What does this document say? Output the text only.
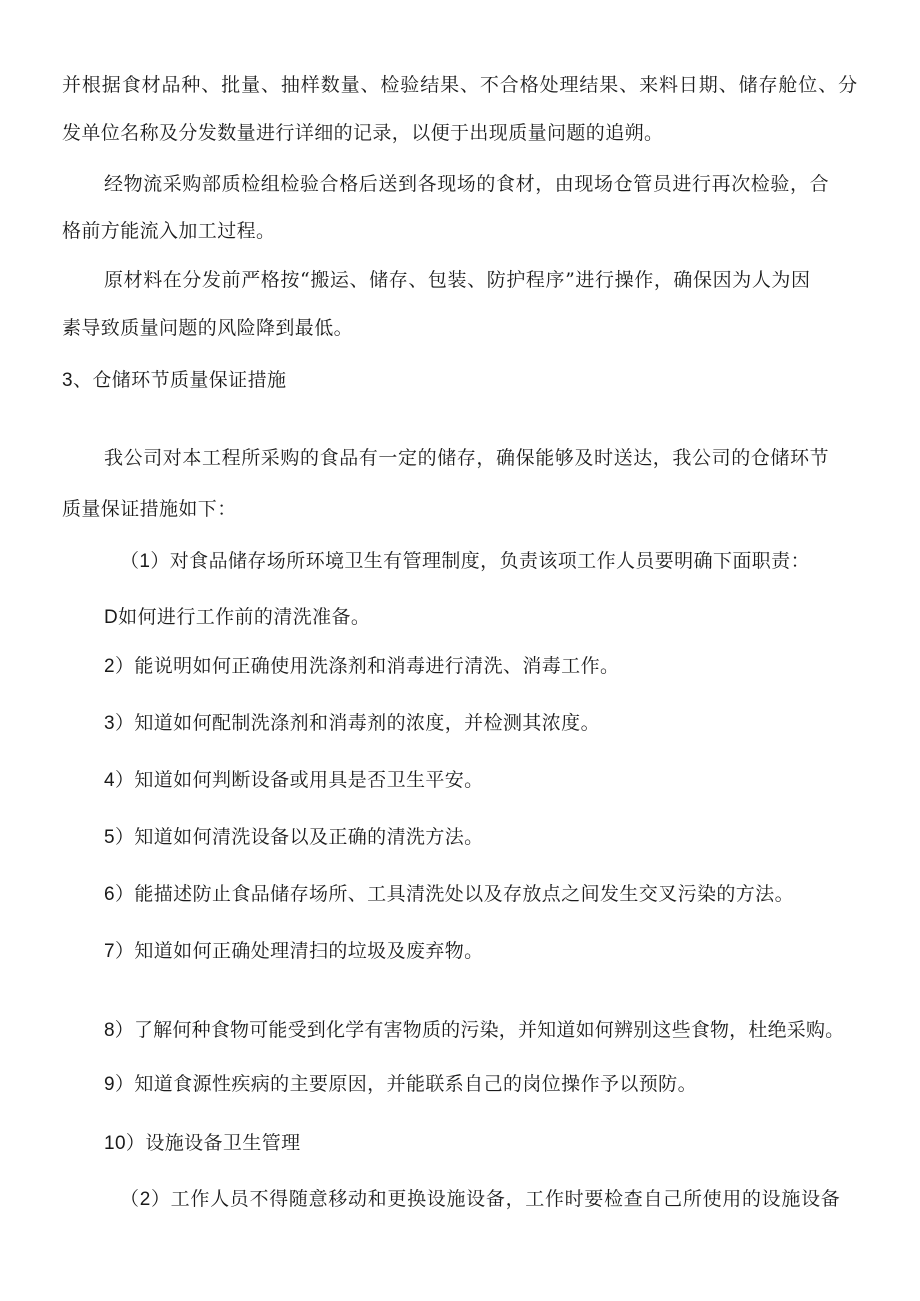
并根据食材品种、批量、抽样数量、检验结果、不合格处理结果、来料日期、储存舱位、分
发单位名称及分发数量进行详细的记录，以便于出现质量问题的追朔。
经物流采购部质检组检验合格后送到各现场的食材，由现场仓管员进行再次检验，合
格前方能流入加工过程。
原材料在分发前严格按“搬运、储存、包装、防护程序”进行操作，确保因为人为因
素导致质量问题的风险降到最低。
3、仓储环节质量保证措施
我公司对本工程所采购的食品有一定的储存，确保能够及时送达，我公司的仓储环节
质量保证措施如下：
（1）对食品储存场所环境卫生有管理制度，负责该项工作人员要明确下面职责：
D如何进行工作前的清洗准备。
2）能说明如何正确使用洗涤剂和消毒进行清洗、消毒工作。
3）知道如何配制洗涤剂和消毒剂的浓度，并检测其浓度。
4）知道如何判断设备或用具是否卫生平安。
5）知道如何清洗设备以及正确的清洗方法。
6）能描述防止食品储存场所、工具清洗处以及存放点之间发生交叉污染的方法。
7）知道如何正确处理清扫的垃圾及废弃物。
8）了解何种食物可能受到化学有害物质的污染，并知道如何辨别这些食物，杜绝采购。
9）知道食源性疾病的主要原因，并能联系自己的岗位操作予以预防。
10）设施设备卫生管理
（2）工作人员不得随意移动和更换设施设备，工作时要检查自己所使用的设施设备
